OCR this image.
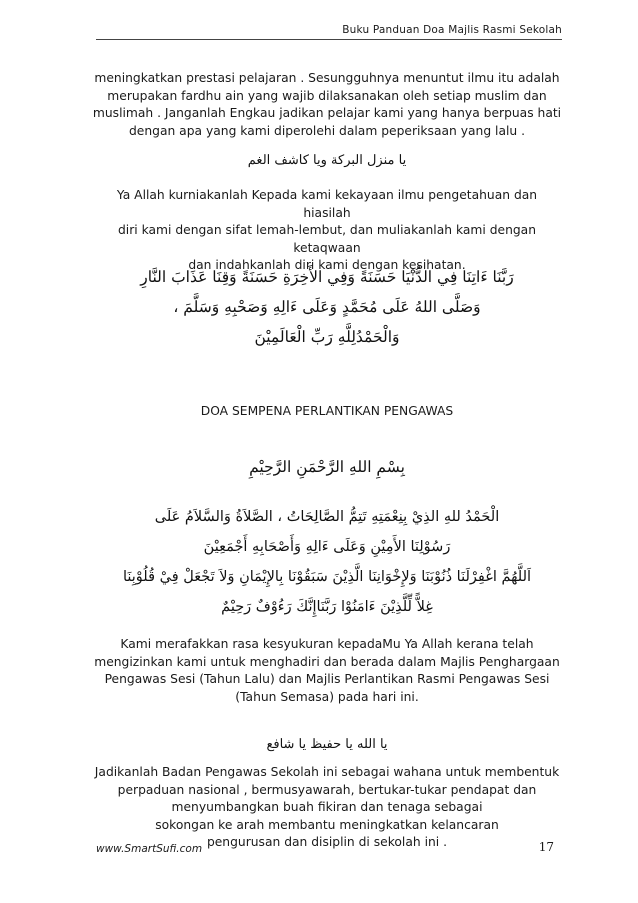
Buku Panduan Doa Majlis Rasmi Sekolah
meningkatkan prestasi pelajaran . Sesungguhnya menuntut ilmu itu adalah
merupakan fardhu ain yang wajib dilaksanakan oleh setiap muslim dan
muslimah . Janganlah Engkau jadikan pelajar kami yang hanya berpuas hati
dengan apa yang kami diperolehi dalam peperiksaan yang lalu .
يا منزل البركة ويا كاشف الغم
Ya Allah kurniakanlah Kepada kami kekayaan ilmu pengetahuan dan hiasilah
diri kami dengan sifat lemah-lembut, dan muliakanlah kami dengan ketaqwaan
dan indahkanlah diri kami dengan kesihatan.
رَبَّنَا ءَاتِنَا فِي الدُّنْيَا حَسَنَةً وَفِي الأَخِرَةِ حَسَنَةً وَقِنَا عَذَابَ النَّارِ
وَصَلَّى اللهُ عَلَى مُحَمَّدٍ وَعَلَى ءَالِهِ وَصَحْبِهِ وَسَلَّمَ ،
وَالْحَمْدُلِلَّهِ رَبِّ الْعَالَمِيْنَ
DOA SEMPENA PERLANTIKAN PENGAWAS
بِسْمِ اللهِ الرَّحْمَنِ الرَّحِيْمِ
الْحَمْدُ للهِ الذِيْ بِنِعْمَتِهِ تَتِمُّ الصَّالِحَاتُ ، الصَّلاَةُ وَالسَّلاَمُ عَلَى
رَسُوْلِنَا الأَمِيْنِ وَعَلَى ءَالِهِ وَأَصْحَابِهِ أَجْمَعِيْنَ
اَللَّهُمَّ اغْفِرْلَنَا ذُنُوْبَنَا وَلإِخْوَانِنَا الَّذِيْنَ سَبَقُوْنَا بِالإِيْمَانِ وَلاَ تَجْعَلْ فِيْ قُلُوْبِنَا
غِلاًّ لِّلَّذِيْنَ ءَامَنُوْا رَبَّنَاإِنَّكَ رَءُوْفٌ رَحِيْمٌ
Kami merafakkan rasa kesyukuran kepadaMu Ya Allah kerana telah
mengizinkan kami untuk menghadiri dan berada dalam Majlis Penghargaan
Pengawas Sesi (Tahun Lalu) dan Majlis Perlantikan Rasmi Pengawas Sesi
(Tahun Semasa) pada hari ini.
يا الله يا حفيظ يا شافع
Jadikanlah Badan Pengawas Sekolah ini sebagai wahana untuk membentuk
perpaduan nasional , bermusyawarah, bertukar-tukar pendapat dan
menyumbangkan buah fikiran dan tenaga sebagai
sokongan ke arah membantu meningkatkan kelancaran
pengurusan dan disiplin di sekolah ini .
www.SmartSufi.com	17
